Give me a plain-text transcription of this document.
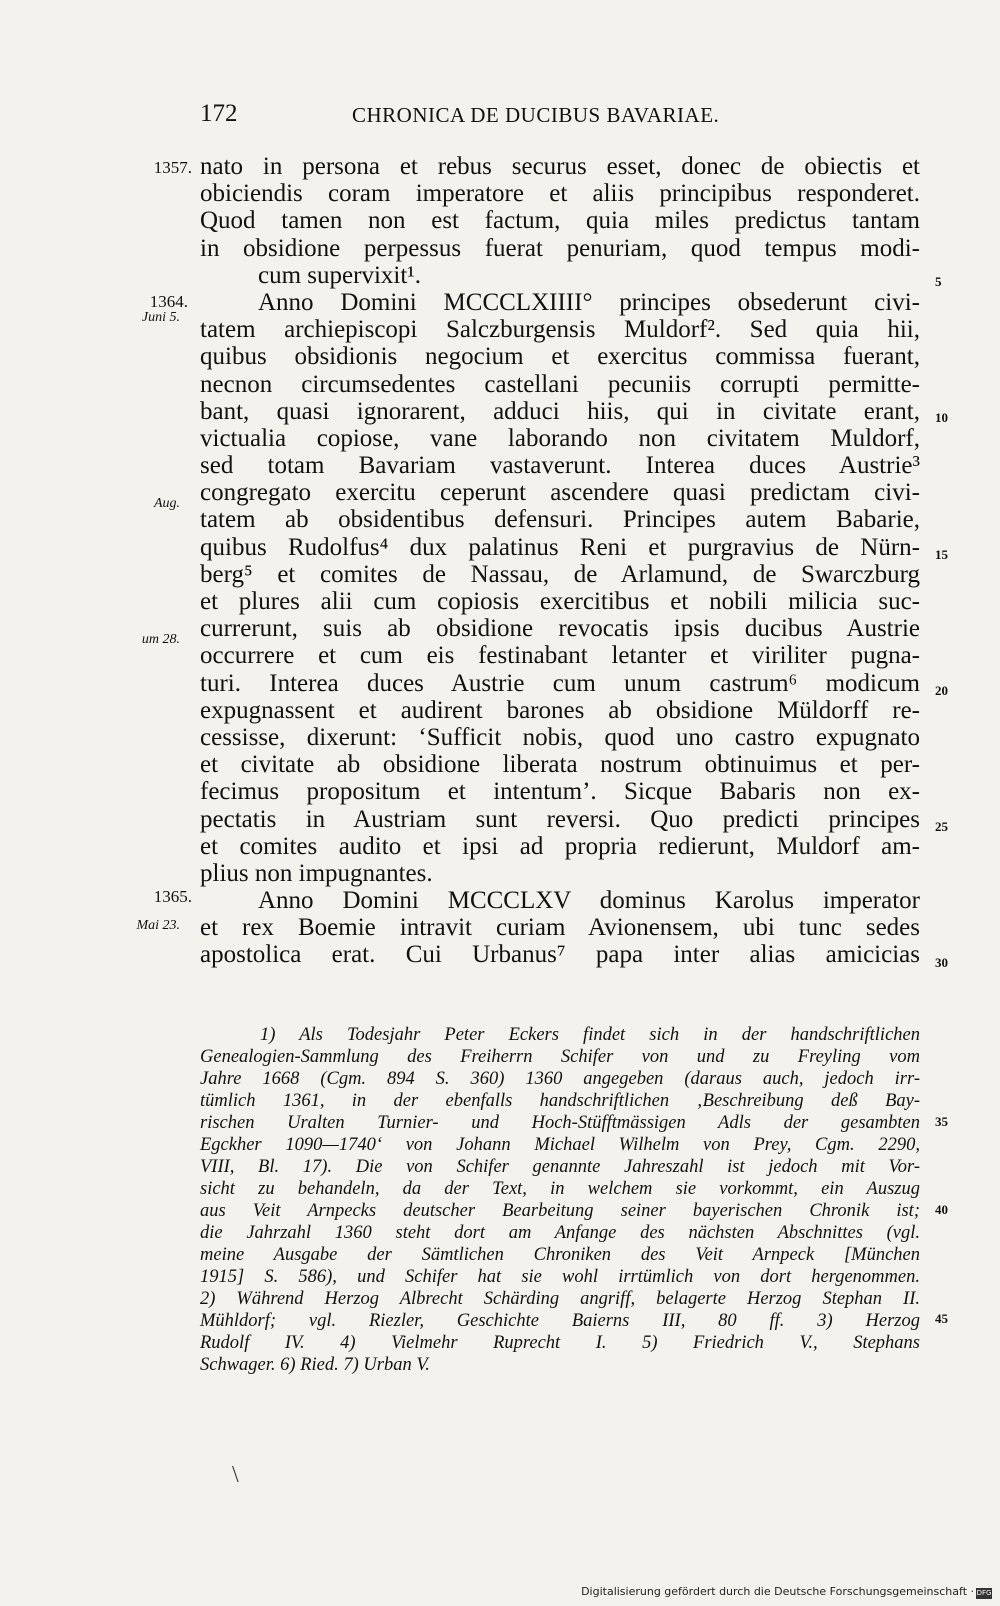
172	CHRONICA DE DUCIBUS BAVARIAE.
nato in persona et rebus securus esset, donec de obiectis et
obiciendis coram imperatore et aliis principibus responderet.
Quod tamen non est factum, quia miles predictus tantam
in obsidione perpessus fuerat penuriam, quod tempus modi-
cum supervixit¹.
Anno Domini MCCCLXIIII° principes obsederunt civi-
tatem archiepiscopi Salczburgensis Muldorf². Sed quia hii,
quibus obsidionis negocium et exercitus commissa fuerant,
necnon circumsedentes castellani pecuniis corrupti permitte-
bant, quasi ignorarent, adduci hiis, qui in civitate erant,
victualia copiose, vane laborando non civitatem Muldorf,
sed totam Bavariam vastaverunt. Interea duces Austrie³
congregato exercitu ceperunt ascendere quasi predictam civi-
tatem ab obsidentibus defensuri. Principes autem Babarie,
quibus Rudolfus⁴ dux palatinus Reni et purgravius de Nürn-
berg⁵ et comites de Nassau, de Arlamund, de Swarczburg
et plures alii cum copiosis exercitibus et nobili milicia suc-
currerunt, suis ab obsidione revocatis ipsis ducibus Austrie
occurrere et cum eis festinabant letanter et viriliter pugna-
turi. Interea duces Austrie cum unum castrum⁶ modicum
expugnassent et audirent barones ab obsidione Müldorff re-
cessisse, dixerunt: ‘Sufficit nobis, quod uno castro expugnato
et civitate ab obsidione liberata nostrum obtinuimus et per-
fecimus propositum et intentum’. Sicque Babaris non ex-
pectatis in Austriam sunt reversi. Quo predicti principes
et comites audito et ipsi ad propria redierunt, Muldorf am-
plius non impugnantes.
Anno Domini MCCCLXV dominus Karolus imperator
et rex Boemie intravit curiam Avionensem, ubi tunc sedes
apostolica erat. Cui Urbanus⁷ papa inter alias amicicias
1357.
1364.
Juni 5.
Aug.
um 28.
1365.
Mai 23.
5
10
15
20
25
30
35
40
45
1) Als Todesjahr Peter Eckers findet sich in der handschriftlichen
Genealogien-Sammlung des Freiherrn Schifer von und zu Freyling vom
Jahre 1668 (Cgm. 894 S. 360) 1360 angegeben (daraus auch, jedoch irr-
tümlich 1361, in der ebenfalls handschriftlichen ‚Beschreibung deß Bay-
rischen Uralten Turnier- und Hoch-Stüfftmässigen Adls der gesambten
Egckher 1090—1740‘ von Johann Michael Wilhelm von Prey, Cgm. 2290,
VIII, Bl. 17). Die von Schifer genannte Jahreszahl ist jedoch mit Vor-
sicht zu behandeln, da der Text, in welchem sie vorkommt, ein Auszug
aus Veit Arnpecks deutscher Bearbeitung seiner bayerischen Chronik ist;
die Jahrzahl 1360 steht dort am Anfange des nächsten Abschnittes (vgl.
meine Ausgabe der Sämtlichen Chroniken des Veit Arnpeck [München
1915] S. 586), und Schifer hat sie wohl irrtümlich von dort hergenommen.
2) Während Herzog Albrecht Schärding angriff, belagerte Herzog Stephan II.
Mühldorf; vgl. Riezler, Geschichte Baierns III, 80 ff. 3) Herzog
Rudolf IV. 4) Vielmehr Ruprecht I. 5) Friedrich V., Stephans
Schwager. 6) Ried. 7) Urban V.
\
Digitalisierung gefördert durch die Deutsche Forschungsgemeinschaft · DFG
